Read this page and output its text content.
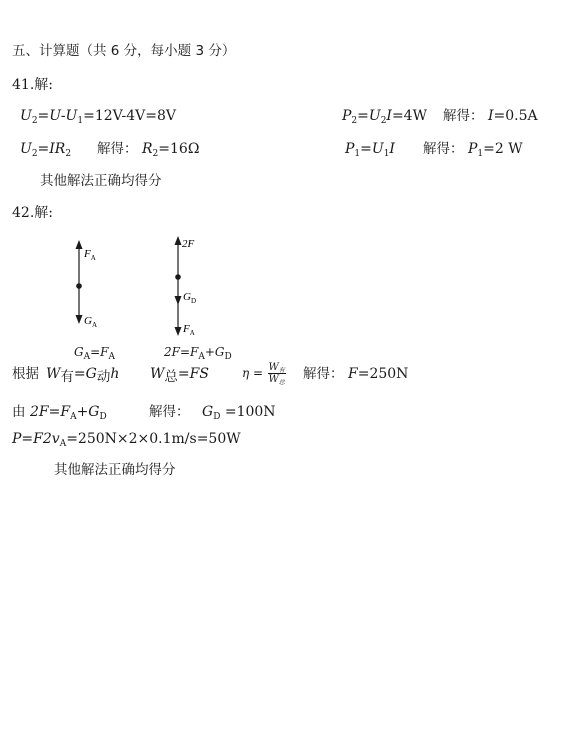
五、计算题（共 6 分，每小题 3 分）
41.解:
$U_2=U-U_1=12V-4V=8V$	$P_2=U_2I=4W$ 解得： I=0.5A
$U_2=IR_2$ 解得： $R_2=16\Omega$	$P_1=U_1I$ 解得： $P_1=2$ W
其他解法正确均得分
42.解:
$F_A$
$G_A$
2F
$G_D$
$F_A$
$G_A=F_A$	$2F=F_A+G_D$
根据 $W_有=G_动h$ $W_总=FS$	$\eta = \frac{W_有}{W_总}$ 解得： F=250N
由 $2F=F_A+G_D$	解得： $G_D =100N$
$P=F2v_A=250N\times 2\times 0.1m/s=50W$
其他解法正确均得分
